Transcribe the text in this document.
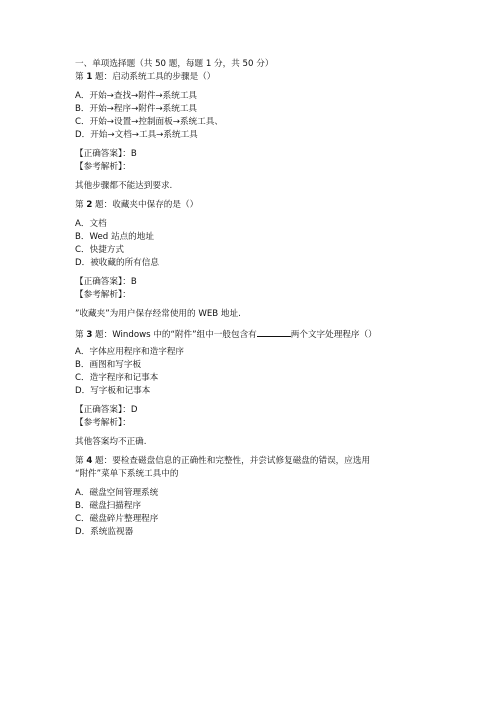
一、单项选择题（共 50 题，每题 1 分，共 50 分）
第 1 题：启动系统工具的步骤是（）
A．开始→查找→附件→系统工具
B．开始→程序→附件→系统工具
C．开始→设置→控制面板→系统工具、
D．开始→文档→工具→系统工具
【正确答案】：B
【参考解析】：
其他步骤都不能达到要求.
第 2 题：收藏夹中保存的是（）
A．文档
B．Wed 站点的地址
C．快捷方式
D．被收藏的所有信息
【正确答案】：B
【参考解析】：
”收藏夹”为用户保存经常使用的 WEB 地址.
第 3 题：Windows 中的“附件”组中一般包含有	两个文字处理程序（）
A．字体应用程序和造字程序
B．画图和写字板
C．造字程序和记事本
D．写字板和记事本
【正确答案】：D
【参考解析】：
其他答案均不正确.
第 4 题：要检查磁盘信息的正确性和完整性，并尝试修复磁盘的错误，应选用
“附件”菜单下系统工具中的
A．磁盘空间管理系统
B．磁盘扫描程序
C．磁盘碎片整理程序
D．系统监视器
